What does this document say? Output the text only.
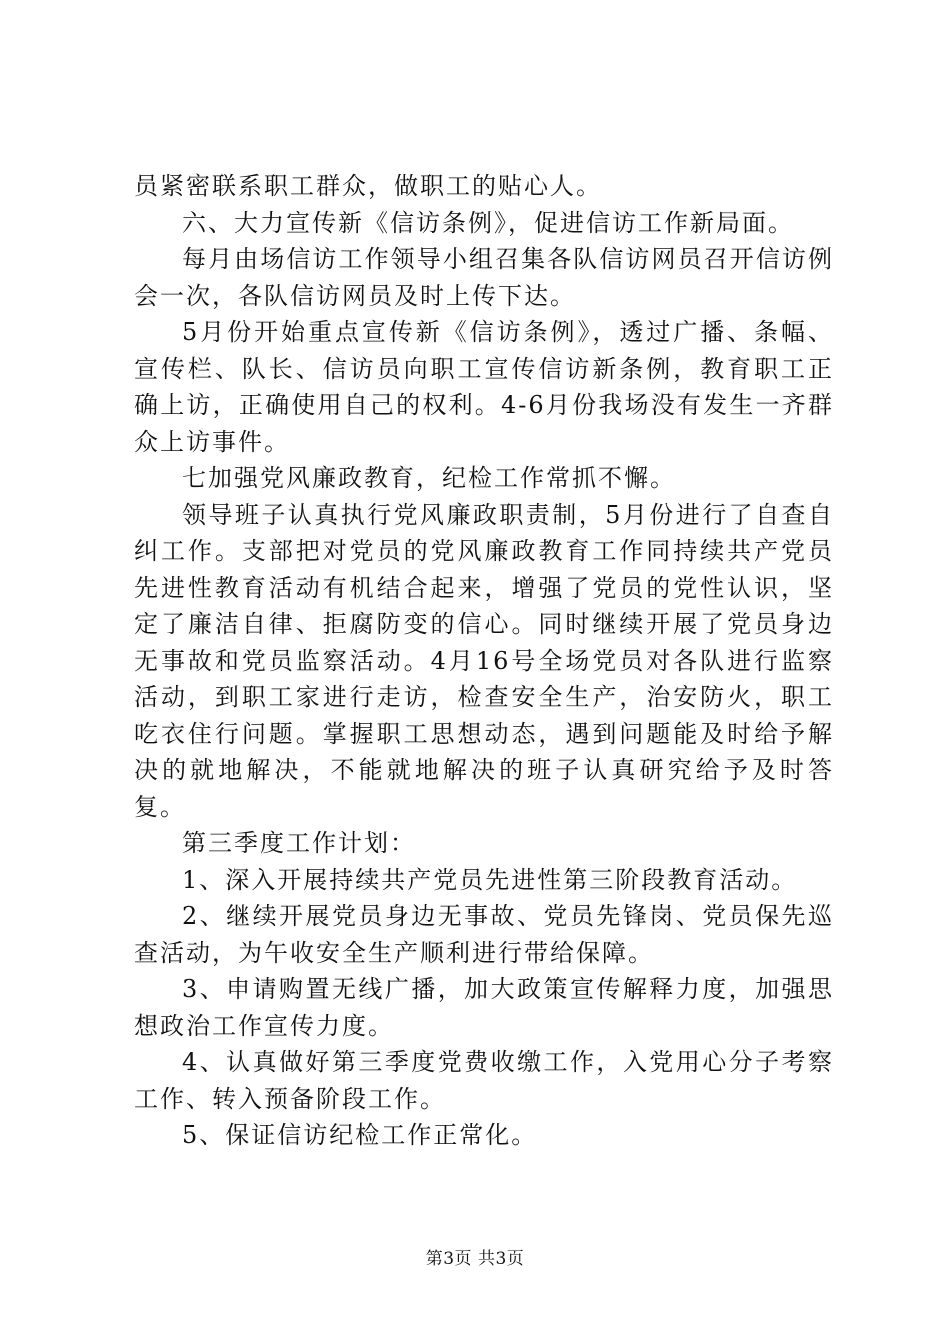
员紧密联系职工群众，做职工的贴心人。

六、大力宣传新《信访条例》，促进信访工作新局面。

每月由场信访工作领导小组召集各队信访网员召开信访例会一次，各队信访网员及时上传下达。

5月份开始重点宣传新《信访条例》，透过广播、条幅、宣传栏、队长、信访员向职工宣传信访新条例，教育职工正确上访，正确使用自己的权利。4-6月份我场没有发生一齐群众上访事件。

七加强党风廉政教育，纪检工作常抓不懈。

领导班子认真执行党风廉政职责制，5月份进行了自查自纠工作。支部把对党员的党风廉政教育工作同持续共产党员先进性教育活动有机结合起来，增强了党员的党性认识，坚定了廉洁自律、拒腐防变的信心。同时继续开展了党员身边无事故和党员监察活动。4月16号全场党员对各队进行监察活动，到职工家进行走访，检查安全生产，治安防火，职工吃衣住行问题。掌握职工思想动态，遇到问题能及时给予解决的就地解决，不能就地解决的班子认真研究给予及时答复。

第三季度工作计划：

1、深入开展持续共产党员先进性第三阶段教育活动。

2、继续开展党员身边无事故、党员先锋岗、党员保先巡查活动，为午收安全生产顺利进行带给保障。

3、申请购置无线广播，加大政策宣传解释力度，加强思想政治工作宣传力度。

4、认真做好第三季度党费收缴工作，入党用心分子考察工作、转入预备阶段工作。

5、保证信访纪检工作正常化。

第3页 共3页
